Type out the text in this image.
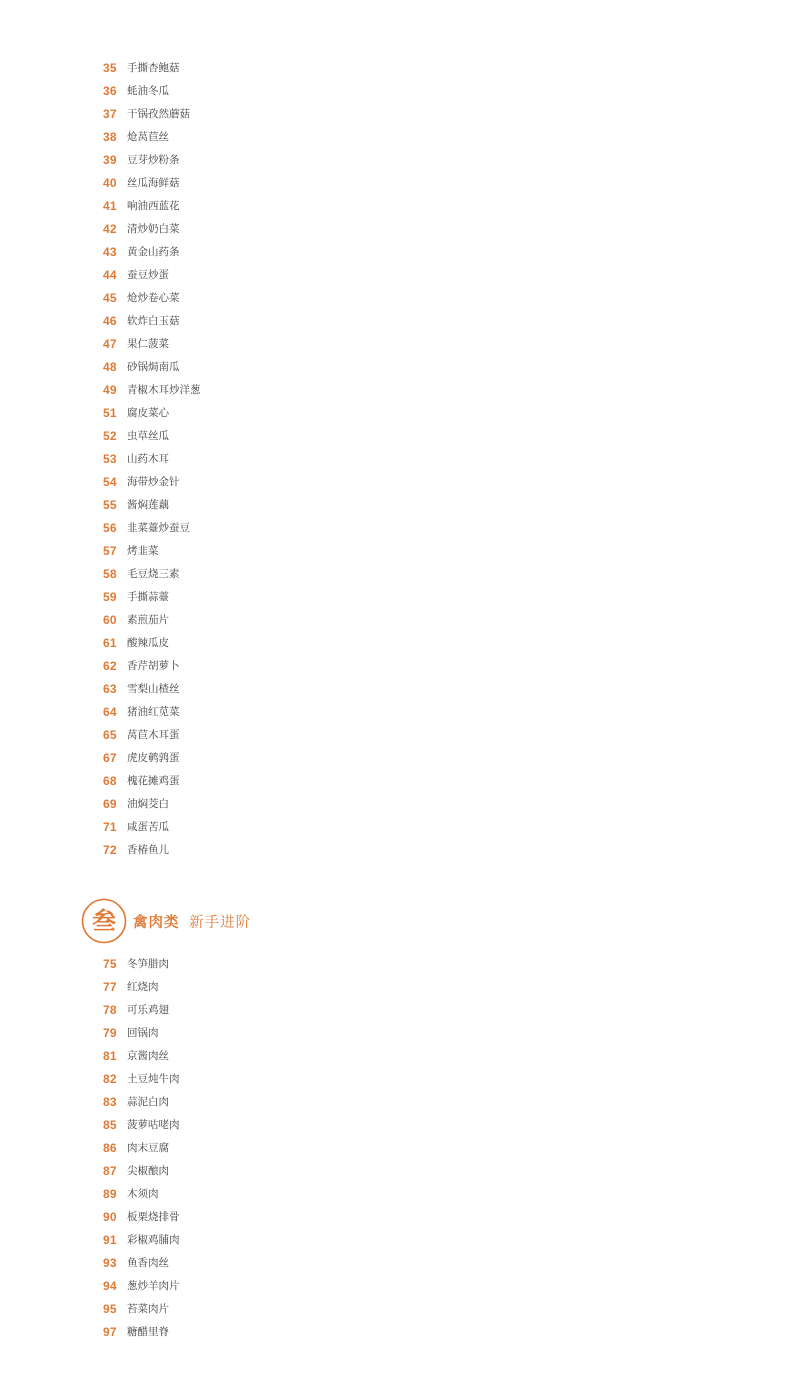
35 手撕杏鲍菇
36 蚝油冬瓜
37 干锅孜然蘑菇
38 炝莴苣丝
39 豆芽炒粉条
40 丝瓜海鲜菇
41 响油西蓝花
42 清炒奶白菜
43 黄金山药条
44 蚕豆炒蛋
45 炝炒卷心菜
46 软炸白玉菇
47 果仁菠菜
48 砂锅焗南瓜
49 青椒木耳炒洋葱
51 腐皮菜心
52 虫草丝瓜
53 山药木耳
54 海带炒金针
55 酱焖莲藕
56 韭菜薹炒蚕豆
57 烤韭菜
58 毛豆烧三素
59 手撕蒜薹
60 素煎茄片
61 酸辣瓜皮
62 香芹胡萝卜
63 雪梨山楂丝
64 猪油红苋菜
65 莴苣木耳蛋
67 虎皮鹌鹑蛋
68 槐花摊鸡蛋
69 油焖茭白
71 咸蛋苦瓜
72 香椿鱼儿
叁 禽肉类 新手进阶
75 冬笋腊肉
77 红烧肉
78 可乐鸡翅
79 回锅肉
81 京酱肉丝
82 土豆炖牛肉
83 蒜泥白肉
85 菠萝咕咾肉
86 肉末豆腐
87 尖椒酿肉
89 木须肉
90 板栗烧排骨
91 彩椒鸡脯肉
93 鱼香肉丝
94 葱炒羊肉片
95 苔菜肉片
97 糖醋里脊
